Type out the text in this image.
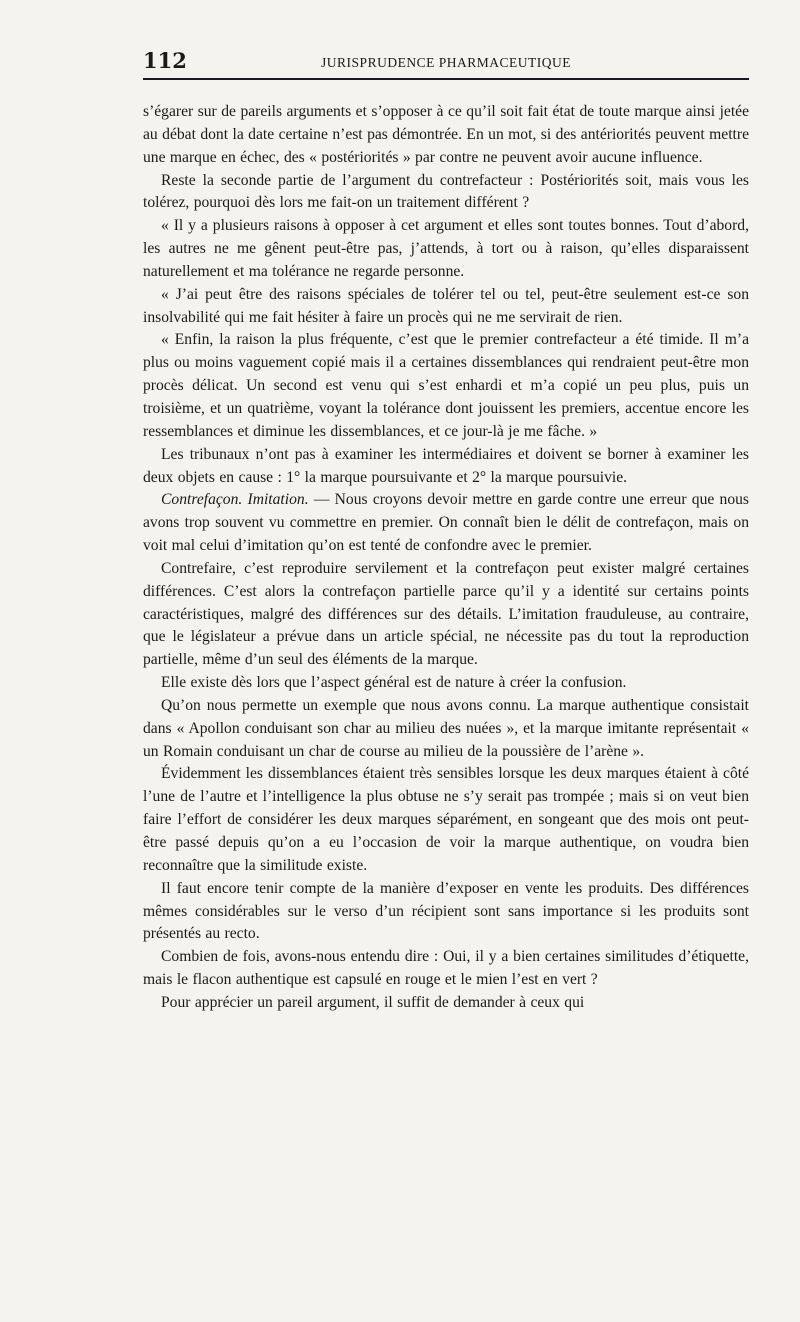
112	JURISPRUDENCE PHARMACEUTIQUE

s’égarer sur de pareils arguments et s’opposer à ce qu’il soit fait état de toute marque ainsi jetée au débat dont la date certaine n’est pas démontrée. En un mot, si des antériorités peuvent mettre une marque en échec, des « postériorités » par contre ne peuvent avoir aucune influence.

Reste la seconde partie de l’argument du contrefacteur : Postériorités soit, mais vous les tolérez, pourquoi dès lors me fait-on un traitement différent ?

« Il y a plusieurs raisons à opposer à cet argument et elles sont toutes bonnes. Tout d’abord, les autres ne me gênent peut-être pas, j’attends, à tort ou à raison, qu’elles disparaissent naturellement et ma tolérance ne regarde personne.

« J’ai peut être des raisons spéciales de tolérer tel ou tel, peut-être seulement est-ce son insolvabilité qui me fait hésiter à faire un procès qui ne me servirait de rien.

« Enfin, la raison la plus fréquente, c’est que le premier contrefacteur a été timide. Il m’a plus ou moins vaguement copié mais il a certaines dissemblances qui rendraient peut-être mon procès délicat. Un second est venu qui s’est enhardi et m’a copié un peu plus, puis un troisième, et un quatrième, voyant la tolérance dont jouissent les premiers, accentue encore les ressemblances et diminue les dissemblances, et ce jour-là je me fâche. »

Les tribunaux n’ont pas à examiner les intermédiaires et doivent se borner à examiner les deux objets en cause : 1° la marque poursuivante et 2° la marque poursuivie.

Contrefaçon. Imitation. — Nous croyons devoir mettre en garde contre une erreur que nous avons trop souvent vu commettre en premier. On connaît bien le délit de contrefaçon, mais on voit mal celui d’imitation qu’on est tenté de confondre avec le premier.

Contrefaire, c’est reproduire servilement et la contrefaçon peut exister malgré certaines différences. C’est alors la contrefaçon partielle parce qu’il y a identité sur certains points caractéristiques, malgré des différences sur des détails. L’imitation frauduleuse, au contraire, que le législateur a prévue dans un article spécial, ne nécessite pas du tout la reproduction partielle, même d’un seul des éléments de la marque.

Elle existe dès lors que l’aspect général est de nature à créer la confusion.

Qu’on nous permette un exemple que nous avons connu. La marque authentique consistait dans « Apollon conduisant son char au milieu des nuées », et la marque imitante représentait « un Romain conduisant un char de course au milieu de la poussière de l’arène ».

Évidemment les dissemblances étaient très sensibles lorsque les deux marques étaient à côté l’une de l’autre et l’intelligence la plus obtuse ne s’y serait pas trompée ; mais si on veut bien faire l’effort de considérer les deux marques séparément, en songeant que des mois ont peut-être passé depuis qu’on a eu l’occasion de voir la marque authentique, on voudra bien reconnaître que la similitude existe.

Il faut encore tenir compte de la manière d’exposer en vente les produits. Des différences mêmes considérables sur le verso d’un récipient sont sans importance si les produits sont présentés au recto.

Combien de fois, avons-nous entendu dire : Oui, il y a bien certaines similitudes d’étiquette, mais le flacon authentique est capsulé en rouge et le mien l’est en vert ?

Pour apprécier un pareil argument, il suffit de demander à ceux qui
